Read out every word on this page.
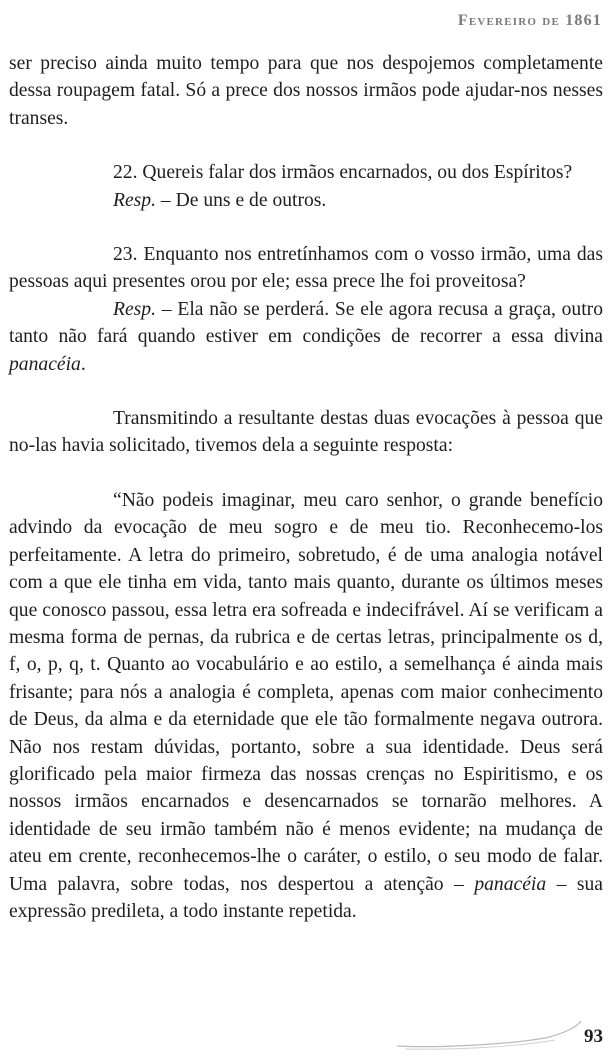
Fevereiro de 1861

ser preciso ainda muito tempo para que nos despojemos completamente dessa roupagem fatal. Só a prece dos nossos irmãos pode ajudar-nos nesses transes.

22. Quereis falar dos irmãos encarnados, ou dos Espíritos?

Resp. – De uns e de outros.

23. Enquanto nos entretínhamos com o vosso irmão, uma das pessoas aqui presentes orou por ele; essa prece lhe foi proveitosa?

Resp. – Ela não se perderá. Se ele agora recusa a graça, outro tanto não fará quando estiver em condições de recorrer a essa divina panacéia.

Transmitindo a resultante destas duas evocações à pessoa que no-las havia solicitado, tivemos dela a seguinte resposta:

“Não podeis imaginar, meu caro senhor, o grande benefício advindo da evocação de meu sogro e de meu tio. Reconhecemo-los perfeitamente. A letra do primeiro, sobretudo, é de uma analogia notável com a que ele tinha em vida, tanto mais quanto, durante os últimos meses que conosco passou, essa letra era sofreada e indecifrável. Aí se verificam a mesma forma de pernas, da rubrica e de certas letras, principalmente os d, f, o, p, q, t. Quanto ao vocabulário e ao estilo, a semelhança é ainda mais frisante; para nós a analogia é completa, apenas com maior conhecimento de Deus, da alma e da eternidade que ele tão formalmente negava outrora. Não nos restam dúvidas, portanto, sobre a sua identidade. Deus será glorificado pela maior firmeza das nossas crenças no Espiritismo, e os nossos irmãos encarnados e desencarnados se tornarão melhores. A identidade de seu irmão também não é menos evidente; na mudança de ateu em crente, reconhecemos-lhe o caráter, o estilo, o seu modo de falar. Uma palavra, sobre todas, nos despertou a atenção – panacéia – sua expressão predileta, a todo instante repetida.

93
